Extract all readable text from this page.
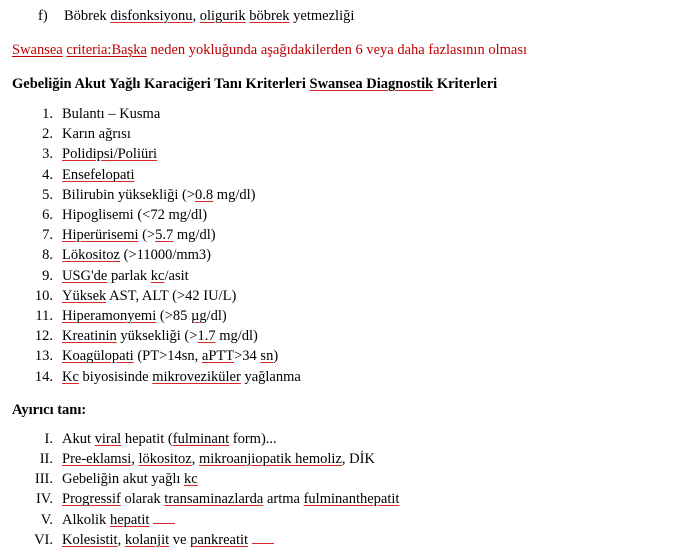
f)	Böbrek disfonksiyonu, oligurik böbrek yetmezliği
Swansea criteria:Başka neden yokluğunda aşağıdakilerden 6 veya daha fazlasının olması
Gebeliğin Akut Yağlı Karaciğeri Tanı Kriterleri Swansea Diagnostik Kriterleri
1. Bulantı – Kusma
2. Karın ağrısı
3. Polidipsi/Poliüri
4. Ensefelopati
5. Bilirubin yüksekliği (>0.8 mg/dl)
6. Hipoglisemi (<72 mg/dl)
7. Hiperürisemi (>5.7 mg/dl)
8. Lökositoz (>11000/mm3)
9. USG'de parlak kc/asit
10. Yüksek AST, ALT (>42 IU/L)
11. Hiperamonyemi (>85 µg/dl)
12. Kreatinin yüksekliği (>1.7 mg/dl)
13. Koagülopati (PT>14sn, aPTT>34 sn)
14. Kc biyosisinde mikroveziküler yağlanma
Ayırıcı tanı:
I. Akut viral hepatit (fulminant form)...
II. Pre-eklamsi, lökositoz, mikroanjiopatik hemoliz, DİK
III. Gebeliğin akut yağlı kc
IV. Progressif olarak transaminazlarda artma fulminanthepatit
V. Alkolik hepatit
VI. Kolesistit, kolanjit ve pankreatit
